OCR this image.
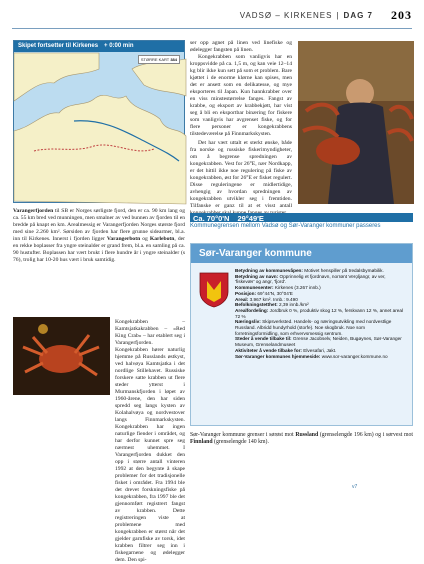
VADSØ – KIRKENES | DAG 7 203
Skipet fortsetter til Kirkenes + 0:00 min
STØRRE KART 384

Varangerfjorden til SB er Norges sørligste fjord, den er ca. 90 km lang og ca. 55 km bred ved munningen, men smalner av ved bunnen av fjorden til en bredde på knapt en km. Arealmessig er Varangerfjorden Norges største fjord med sine 2.260 km². Sørsiden av fjorden har flere grunne sidearmer, bl.a. inn til Kirkenes. Innerst i fjorden ligger Varangerbotn og Karlebotn, der en rekke boplasser fra yngre steinalder er grand frem, bl.a. en samling på ca. 90 hustufter. Boplassen har vært brukt i flere hundre år i yngre steinalder (s 76), trolig har 10-20 hus vært i bruk samtidig.

Kongekrabben – Kamtsjatkakrabben – «Red King Crab» – har etablert seg i Varangerfjorden. Kongekrabben hører naturlig hjemme på Russlands østkyst, ved halvøya Kamtsjatka i det nordlige Stillehavet. Russiske forskere satte krabben ut flere steder ytterst i Murmanskfjorden i løpet av 1960-årene, den har siden spredd seg langs kysten av Kolahalvøya og nordvestover langs Finnmarkskysten. Kongekrabben har ingen naturlige fiender i området, og har derfor kunnet spre seg nærmest uhemmet. I Varangerfjorden dukket den opp i større antall vinteren 1992 at den begynte å skape problemer for det tradisjonelle fisket i området. Fra 1994 ble det drevet forskningsfiske på kongekrabben, fra 1997 ble det gjennomført registrert fangst av krabben. Dette registreringen viste at problemene med kongekrabben er størst når det gjelder garnfiske av torsk, idet krabben filtrer seg inn i fiskegarnene og ødelegger dem. Den spi-

ser opp agnet på linen ved linefiske og ødelegger fangsten på linen.

Kongekrabben som vanligvis har en kroppsvidde på ca. 1,5 m, og kan veie 12–14 kg blir ikke kun sett på som et problem. Bare kjøttet i de enorme klørne kan spises, men det er ansett som en delikatesse, og mye eksporteres til Japan. Kun hannkrabber over en viss minstestørrelse fanges. Fangst av krabbe, og eksport av krabbekjøtt, har vist seg å bli en eksportbar binæring for fiskere som vanligvis har avgrenset fiske, og for flere personer er kongekrabbens tilstedeværelse på Finnmarkskysten.

Det har vært uttalt et sterkt ønske, både fra norske og russiske fiskerimyndigheter, om å begrense spredningen av kongekrabben. Vest for 26°E, nær Nordkapp, er det hittil ikke noe regulering på fiske av kongekrabben, øst for 26°E er fisket regulert. Disse reguleringene er midlertidige, avhengig av hvordan spredningen av kongekrabben utvikler seg i fremtiden. Tilfanske er ganz til at et visst antall

Ca. 70°0'N 29°49'E
Kommunegrensen mellom Vadsø og Sør-Varanger kommuner passeres
Sør-Varanger kommune
Betydning av kommunevåpen: Motivet henspiller på tredalsbymøbilik.
Betydning av navn: Opprinnelig et fjordnavn, norrønt Verǫljangr, av ver, 'fiskevær' og angr, 'fjord'.
Kommunesenter: Kirkenes (3.267 innb.)
Posisjon: 69°44'N, 30°04'E
Areal: 3.967 km². Innb.: 9.490
Befolkningstetthet: 2,39 innb./km²
Arealfordeling: Jordbruk 0 %, produktiv skog 12 %, ferskvann 12 %, annet areal 72 %
Næringsliv: Skipsverksted. Handels- og næringsutvikling med nordvestlige Russland. Albridd hundyrhold (storfe). Noe skogbruk. Noe som forretningsformidling, som erhvervsmessig sentrum.
Steder å vende tilbake til: Grense Jacobselv, Neiden, Bugøynes, Sør-Varanger Museum, Grenselandmuseet
Aktiviteter å vende tilbake for: Elvesafari, Jakt.
Sør-Varanger kommunes hjemmeside: www.sor-varanger.kommune.no

Sør-Varanger kommune grenser i sørøst mot Russland (grenselengde 196 km) og i sørvest mot Finnland (grenselengde 140 km).

v7
